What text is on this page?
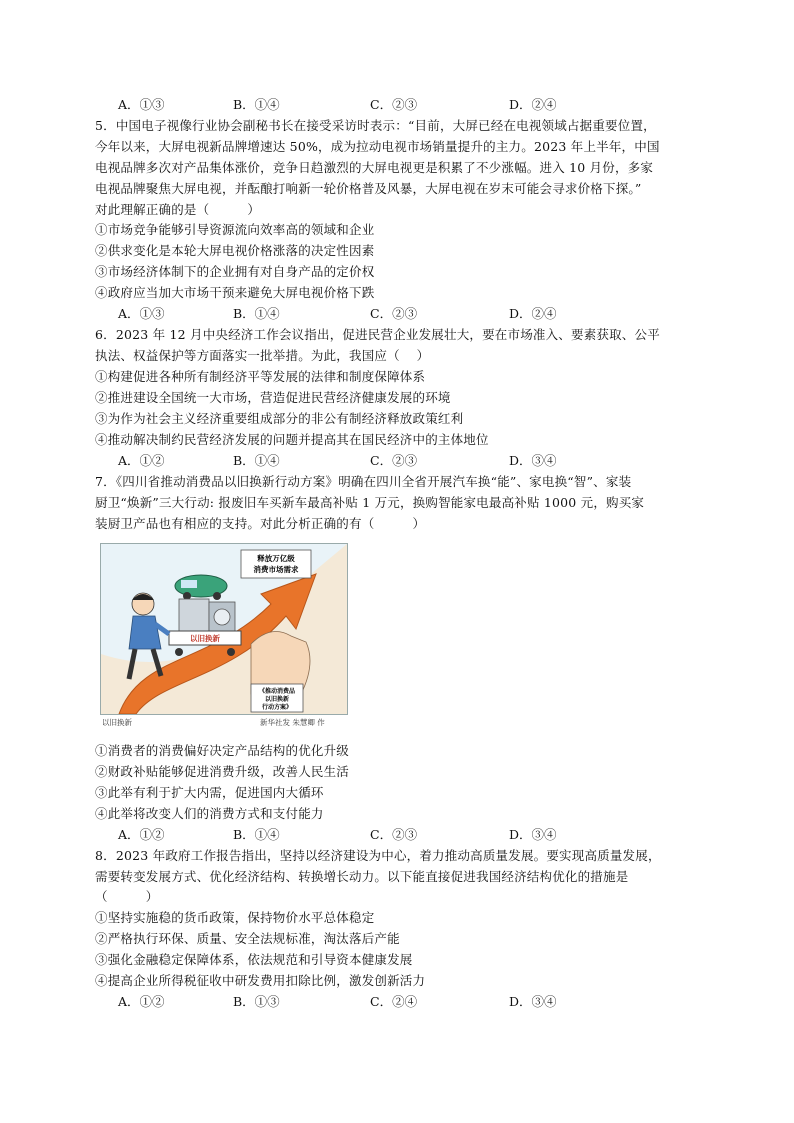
A．①③	B．①④	C．②③	D．②④
5．中国电子视像行业协会副秘书长在接受采访时表示：“目前，大屏已经在电视领域占据重要位置，
今年以来，大屏电视新品牌增速达 50%，成为拉动电视市场销量提升的主力。2023 年上半年，中国
电视品牌多次对产品集体涨价，竞争日趋激烈的大屏电视更是积累了不少涨幅。进入 10 月份，多家
电视品牌聚焦大屏电视，并酝酿打响新一轮价格普及风暴，大屏电视在岁末可能会寻求价格下探。”
对此理解正确的是（　　　）
①市场竞争能够引导资源流向效率高的领域和企业
②供求变化是本轮大屏电视价格涨落的决定性因素
③市场经济体制下的企业拥有对自身产品的定价权
④政府应当加大市场干预来避免大屏电视价格下跌
A．①③	B．①④	C．②③	D．②④
6．2023 年 12 月中央经济工作会议指出，促进民营企业发展壮大，要在市场准入、要素获取、公平
执法、权益保护等方面落实一批举措。为此，我国应（　 ）
①构建促进各种所有制经济平等发展的法律和制度保障体系
②推进建设全国统一大市场，营造促进民营经济健康发展的环境
③为作为社会主义经济重要组成部分的非公有制经济释放政策红利
④推动解决制约民营经济发展的问题并提高其在国民经济中的主体地位
A．①②	B．①④	C．②③	D．③④
7．《四川省推动消费品以旧换新行动方案》明确在四川全省开展汽车换“能”、家电换“智”、家装
厨卫“焕新”三大行动: 报废旧车买新车最高补贴 1 万元，换购智能家电最高补贴 1000 元，购买家
装厨卫产品也有相应的支持。对此分析正确的有（　　　）
释放万亿级
消费市场需求
以旧换新
《推动消费品
以旧换新
行动方案》
以旧换新	新华社发 朱慧卿 作
①消费者的消费偏好决定产品结构的优化升级
②财政补贴能够促进消费升级，改善人民生活
③此举有利于扩大内需，促进国内大循环
④此举将改变人们的消费方式和支付能力
A．①②	B．①④	C．②③	D．③④
8．2023 年政府工作报告指出，坚持以经济建设为中心，着力推动高质量发展。要实现高质量发展，
需要转变发展方式、优化经济结构、转换增长动力。以下能直接促进我国经济结构优化的措施是
（　　　）
①坚持实施稳的货币政策，保持物价水平总体稳定
②严格执行环保、质量、安全法规标准，淘汰落后产能
③强化金融稳定保障体系，依法规范和引导资本健康发展
④提高企业所得税征收中研发费用扣除比例，激发创新活力
A．①②	B．①③	C．②④	D．③④
